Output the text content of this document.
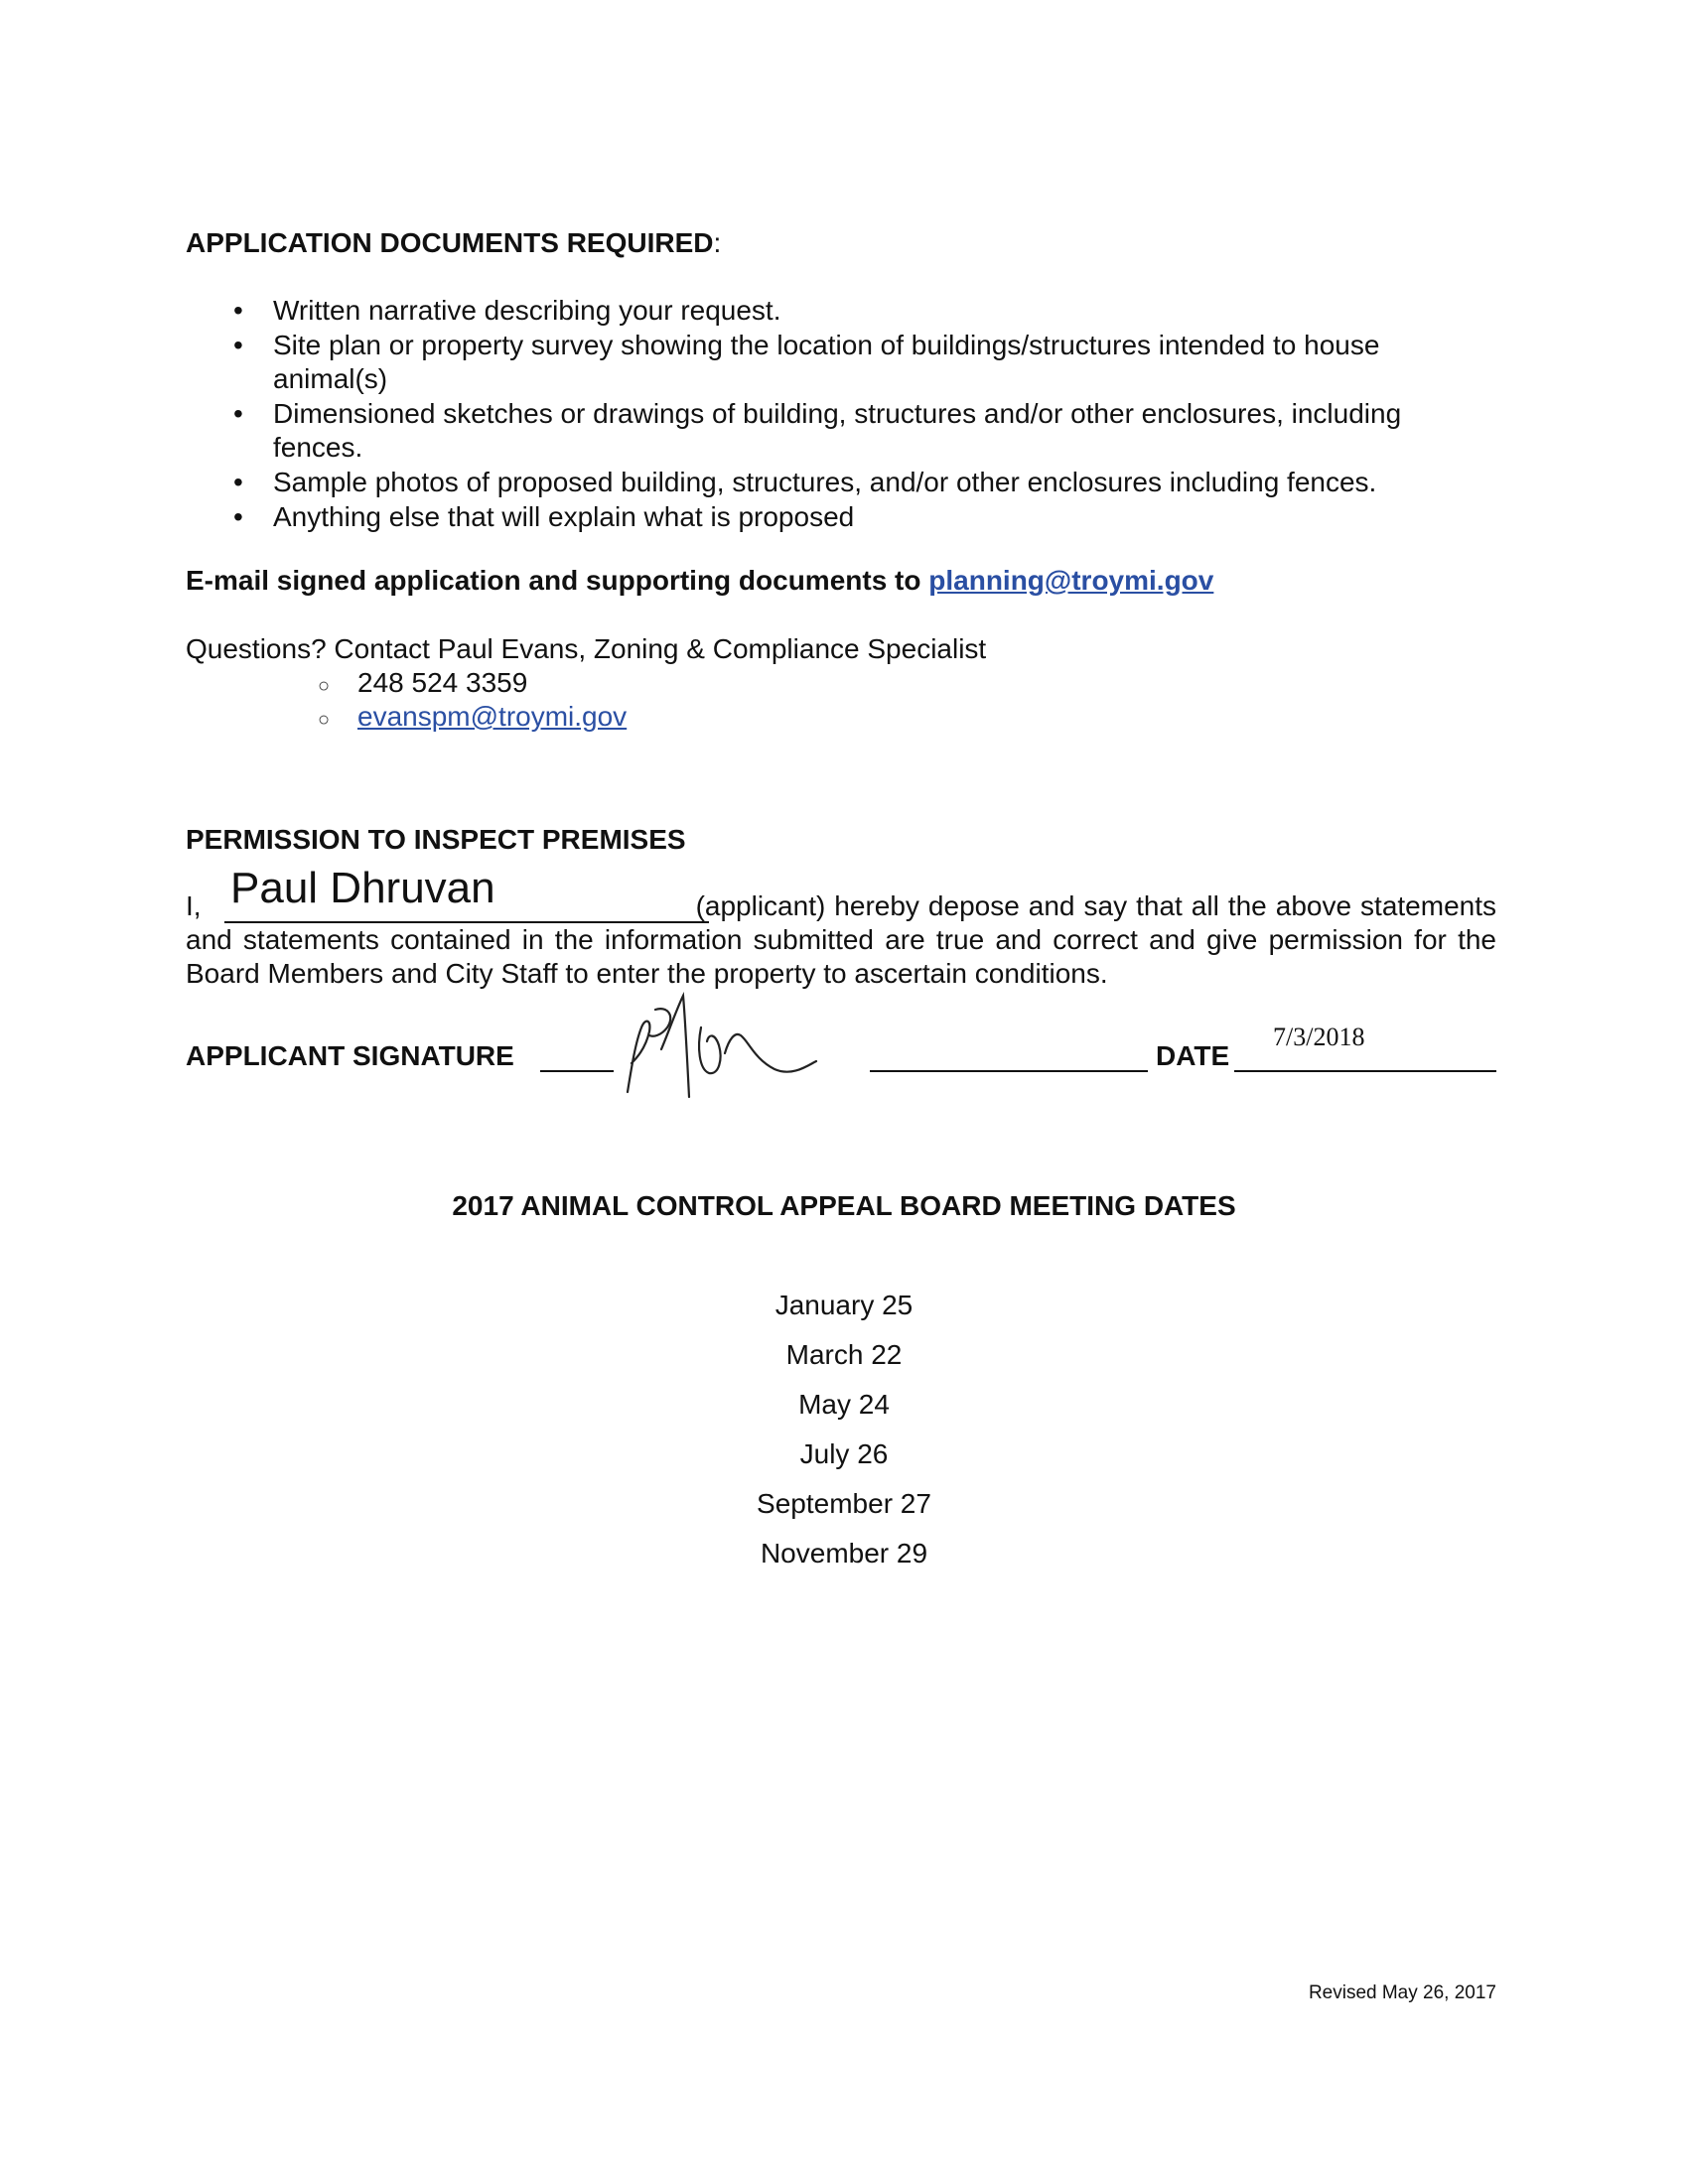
APPLICATION DOCUMENTS REQUIRED:
• Written narrative describing your request.
• Site plan or property survey showing the location of buildings/structures intended to house animal(s)
• Dimensioned sketches or drawings of building, structures and/or other enclosures, including fences.
• Sample photos of proposed building, structures, and/or other enclosures including fences.
• Anything else that will explain what is proposed
E-mail signed application and supporting documents to planning@troymi.gov
Questions? Contact Paul Evans, Zoning & Compliance Specialist
○ 248 524 3359
○ evanspm@troymi.gov
PERMISSION TO INSPECT PREMISES
Paul Dhruvan
I,	(applicant) hereby depose and say that all the above statements and statements contained in the information submitted are true and correct and give permission for the Board Members and City Staff to enter the property to ascertain conditions.
APPLICANT SIGNATURE	DATE
7/3/2018
2017 ANIMAL CONTROL APPEAL BOARD MEETING DATES
January 25
March 22
May 24
July 26
September 27
November 29
Revised May 26, 2017
